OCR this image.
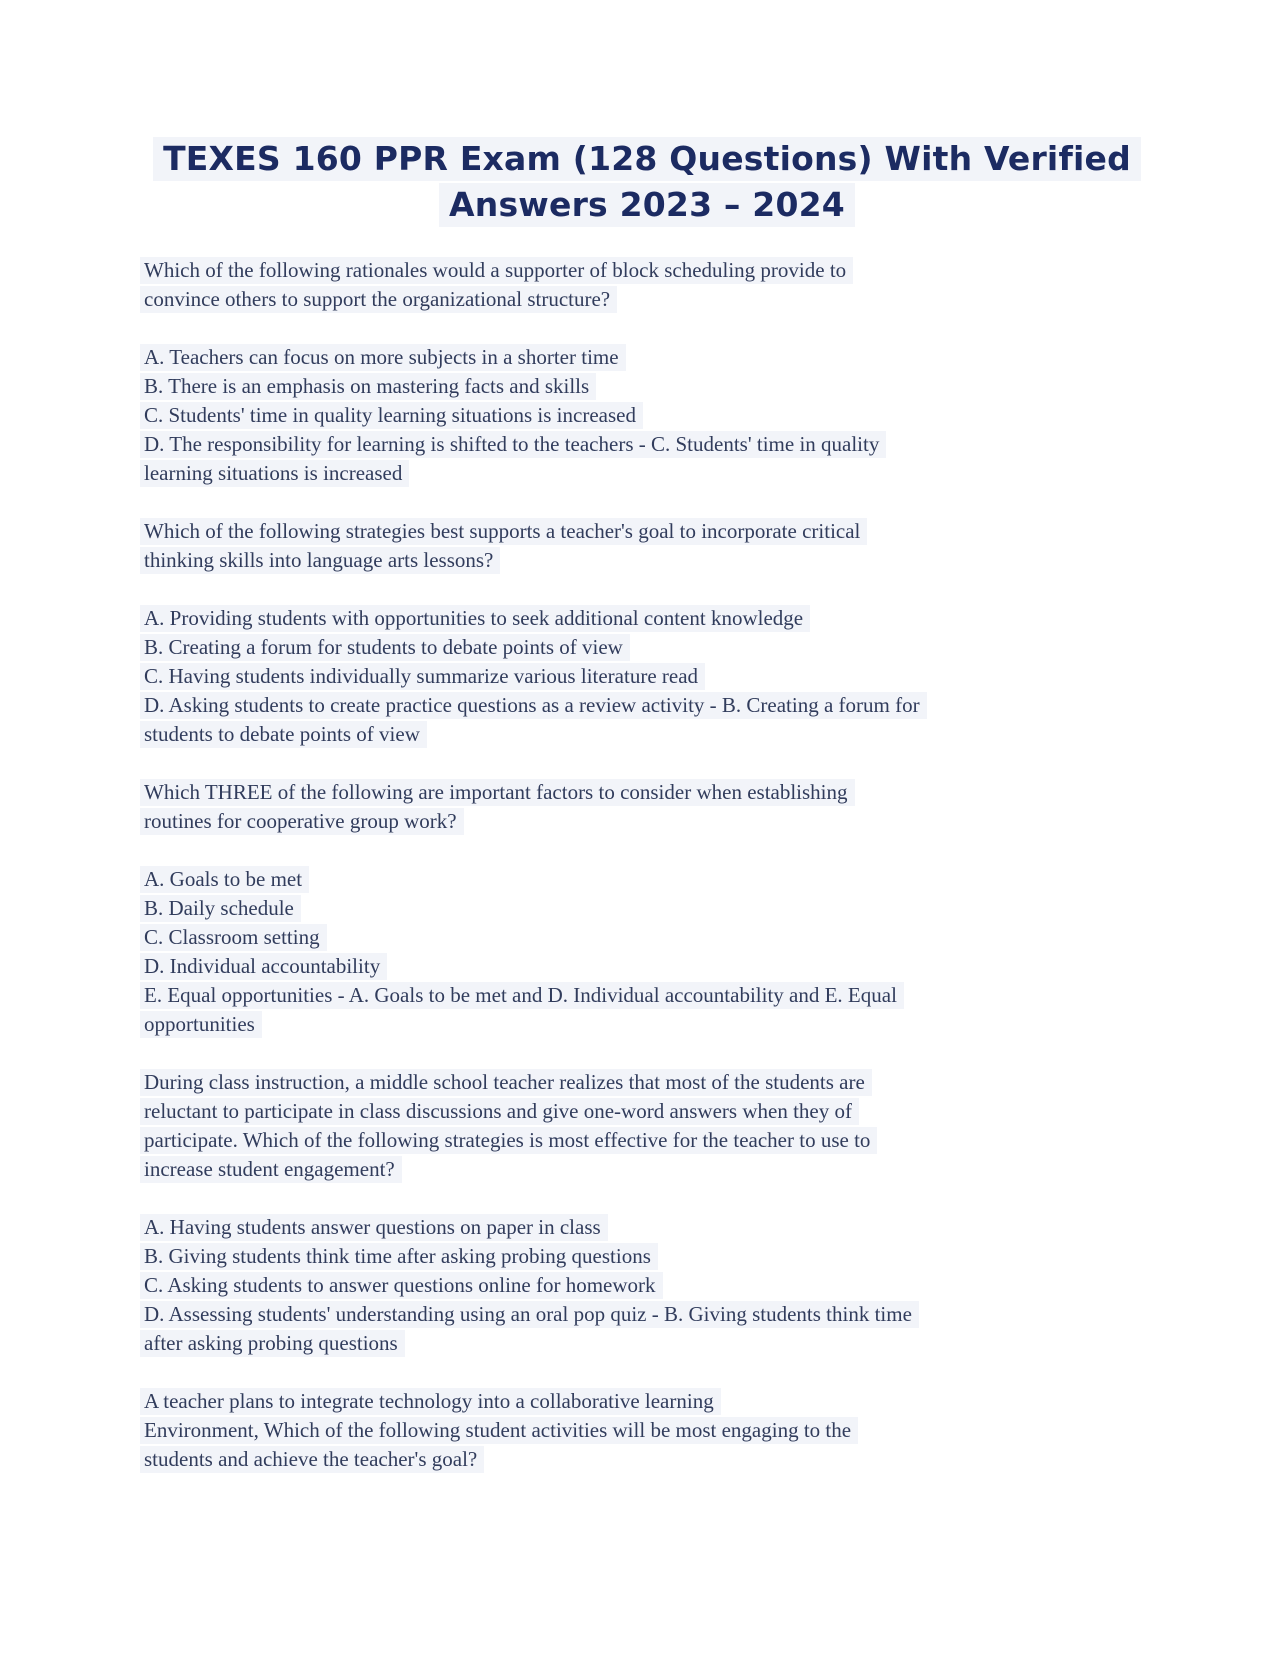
TEXES 160 PPR Exam (128 Questions) With Verified
Answers 2023 – 2024
Which of the following rationales would a supporter of block scheduling provide to
convince others to support the organizational structure?
A. Teachers can focus on more subjects in a shorter time
B. There is an emphasis on mastering facts and skills
C. Students' time in quality learning situations is increased
D. The responsibility for learning is shifted to the teachers - C. Students' time in quality
learning situations is increased
Which of the following strategies best supports a teacher's goal to incorporate critical
thinking skills into language arts lessons?
A. Providing students with opportunities to seek additional content knowledge
B. Creating a forum for students to debate points of view
C. Having students individually summarize various literature read
D. Asking students to create practice questions as a review activity - B. Creating a forum for
students to debate points of view
Which THREE of the following are important factors to consider when establishing
routines for cooperative group work?
A. Goals to be met
B. Daily schedule
C. Classroom setting
D. Individual accountability
E. Equal opportunities - A. Goals to be met and D. Individual accountability and E. Equal
opportunities
During class instruction, a middle school teacher realizes that most of the students are
reluctant to participate in class discussions and give one-word answers when they of
participate. Which of the following strategies is most effective for the teacher to use to
increase student engagement?
A. Having students answer questions on paper in class
B. Giving students think time after asking probing questions
C. Asking students to answer questions online for homework
D. Assessing students' understanding using an oral pop quiz - B. Giving students think time
after asking probing questions
A teacher plans to integrate technology into a collaborative learning
Environment, Which of the following student activities will be most engaging to the
students and achieve the teacher's goal?
